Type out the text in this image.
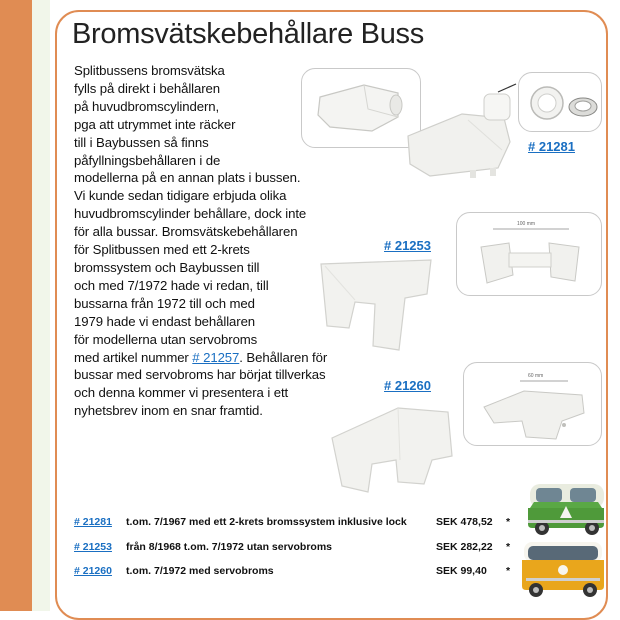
Bromsvätskebehållare Buss
Splitbussens bromsvätska
fylls på direkt i behållaren
på huvudbromscylindern,
pga att utrymmet inte räcker
till i Baybussen så finns
påfyllningsbehållaren i de
modellerna på en annan plats i bussen.
Vi kunde sedan tidigare erbjuda olika
huvudbromscylinder behållare, dock inte
för alla bussar. Bromsvätskebehållaren
för Splitbussen med ett 2-krets
bromssystem och Baybussen till
och med 7/1972 hade vi redan, till
bussarna från 1972 till och med
1979 hade vi endast behållaren
för modellerna utan servobroms
med artikel nummer # 21257. Behållaren för
bussar med servobroms har börjat tillverkas
och denna kommer vi presentera i ett
nyhetsbrev inom en snar framtid.
# 21281
# 21253
100 mm
# 21260
60 mm
# 21281 t.om. 7/1967 med ett 2-krets bromssystem inklusive lock	SEK 478,52 *
# 21253 från 8/1968 t.om. 7/1972 utan servobroms	SEK 282,22 *
# 21260 t.om. 7/1972 med servobroms	SEK 99,40 *
